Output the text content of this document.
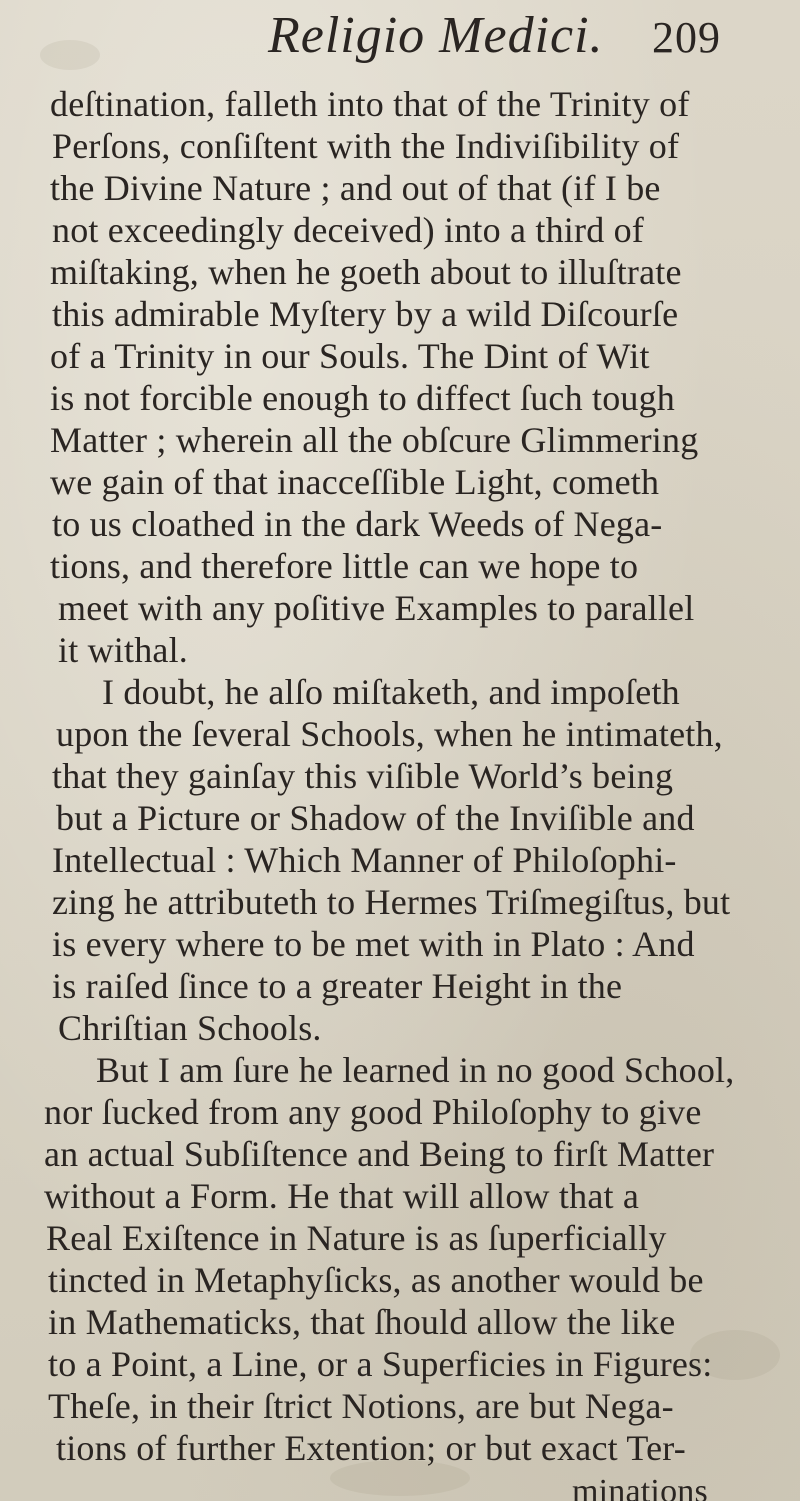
Religio Medici. 209
deſtination, falleth into that of the Trinity of
Perſons, conſiſtent with the Indiviſibility of
the Divine Nature ; and out of that (if I be
not exceedingly deceived) into a third of
miſtaking, when he goeth about to illuſtrate
this admirable Myſtery by a wild Diſcourſe
of a Trinity in our Souls. The Dint of Wit
is not forcible enough to diffect ſuch tough
Matter ; wherein all the obſcure Glimmering
we gain of that inacceſſible Light, cometh
to us cloathed in the dark Weeds of Nega-
tions, and therefore little can we hope to
meet with any poſitive Examples to parallel
it withal.
I doubt, he alſo miſtaketh, and impoſeth
upon the ſeveral Schools, when he intimateth,
that they gainſay this viſible World’s being
but a Picture or Shadow of the Inviſible and
Intellectual : Which Manner of Philoſophi-
zing he attributeth to Hermes Triſmegiſtus, but
is every where to be met with in Plato : And
is raiſed ſince to a greater Height in the
Chriſtian Schools.
But I am ſure he learned in no good School,
nor ſucked from any good Philoſophy to give
an actual Subſiſtence and Being to firſt Matter
without a Form. He that will allow that a
Real Exiſtence in Nature is as ſuperficially
tincted in Metaphyſicks, as another would be
in Mathematicks, that ſhould allow the like
to a Point, a Line, or a Superficies in Figures:
Theſe, in their ſtrict Notions, are but Nega-
tions of further Extention; or but exact Ter-
minations
